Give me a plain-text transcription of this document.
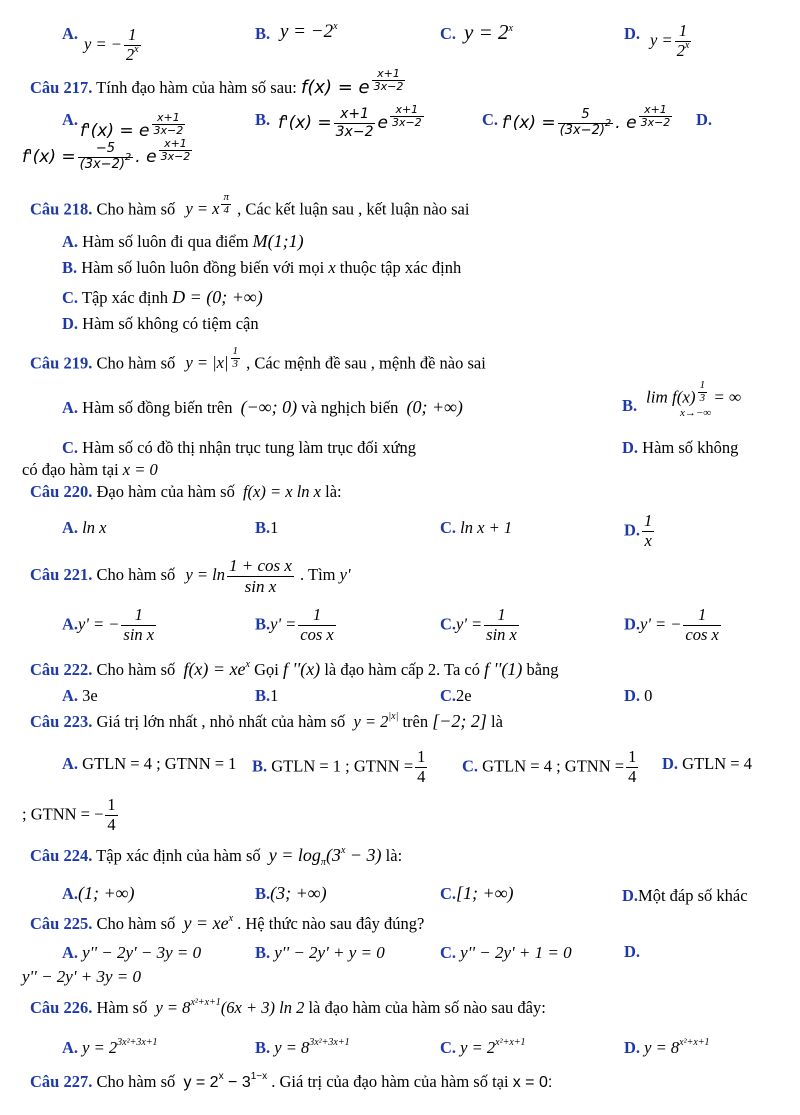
A.
y = − $\frac{1}{2^x}$	B. $y = -2^x$	C. $y = 2^x$	D. $y = \frac{1}{2^x}$
Câu 217. Tính đạo hàm của hàm số sau: f(x) = e $^{\frac{x+1}{3x-2}}$
A.
f'(x) = e $^{\frac{x+1}{3x-2}}$	B. $f'(x) = \frac{x+1}{3x-2}$ e $^{\frac{x+1}{3x-2}}$	C. $f'(x) = \frac{5}{(3x-2)^2}$ . e $^{\frac{x+1}{3x-2}}$ D.
$f'(x) = \frac{-5}{(3x-2)^2}$ . e $^{\frac{x+1}{3x-2}}$
Câu 218. Cho hàm số y = x $^{\frac{\pi}{4}}$ , Các kết luận sau , kết luận nào sai
A. Hàm số luôn đi qua điểm M(1;1)
B. Hàm số luôn luôn đồng biến với mọi x thuộc tập xác định
C. Tập xác định D = (0; +∞)
D. Hàm số không có tiệm cận
Câu 219. Cho hàm số y = |x| $^{\frac{1}{3}}$ , Các mệnh đề sau , mệnh đề nào sai
A. Hàm số đồng biến trên (−∞; 0) và nghịch biến (0; +∞)	B. lim f(x) $^{\frac{1}{3}}$ = ∞
x→−∞
C. Hàm số có đồ thị nhận trục tung làm trục đối xứng	D. Hàm số không
có đạo hàm tại x = 0
Câu 220. Đạo hàm của hàm số f(x) = x ln x là:
A. ln x	B.1	C. ln x + 1	D. $\frac{1}{x}$
Câu 221. Cho hàm số $y = \ln \frac{\text{1 + cos x}}{\text{sin x}}$ . Tìm y'
A.y' = − $\frac{1}{\text{sin x}}$	$B.y' = \frac{1}{\text{cos x}}$	$C.y' = \frac{1}{\text{sin x}}$	D.y' = − $\frac{1}{\text{cos x}}$
Câu 222. Cho hàm số $f(x) = xe^x$ Gọi f ''(x) là đạo hàm cấp 2. Ta có f ''(1) bằng
A. 3e	B.1	C.2e	D. 0
Câu 223. Giá trị lớn nhất , nhỏ nhất của hàm số $y = 2^{|x|}$ trên [−2; 2] là
A. GTLN = 4 ; GTNN = 1 B. GTLN = 1 ; GTNN = $\frac{1}{4} C$. GTLN = 4 ; GTNN = $\frac{1}{4} D$. GTLN = 4
; GTNN = − $\frac{1}{4}$
Câu 224. Tập xác định của hàm số $y = \log_\pi(3^x - 3)$ là:
A.(1; +∞)	B.(3; +∞)	C.[1; +∞)	D.Một đáp số khác
Câu 225. Cho hàm số $y = xe^x$ . Hệ thức nào sau đây đúng?
A. y'' − 2y' − 3y = 0	B. y'' − 2y' + y = 0	C. y'' − 2y' + 1 = 0	D.
y'' − 2y' + 3y = 0
Câu 226. Hàm số $y = 8^{x^2+x+1}(6x + 3)$ ln 2 là đạo hàm của hàm số nào sau đây:
A. $y = 2^{3x^2+3x+1}$	B. $y = 8^{3x^2+3x+1}$	C. $y = 2^{x^2+x+1}$	D. $y = 8^{x^2+x+1}$
Câu 227. Cho hàm số $y = 2^x - 3^{1-x}$ . Giá trị của đạo hàm của hàm số tại x = 0:
